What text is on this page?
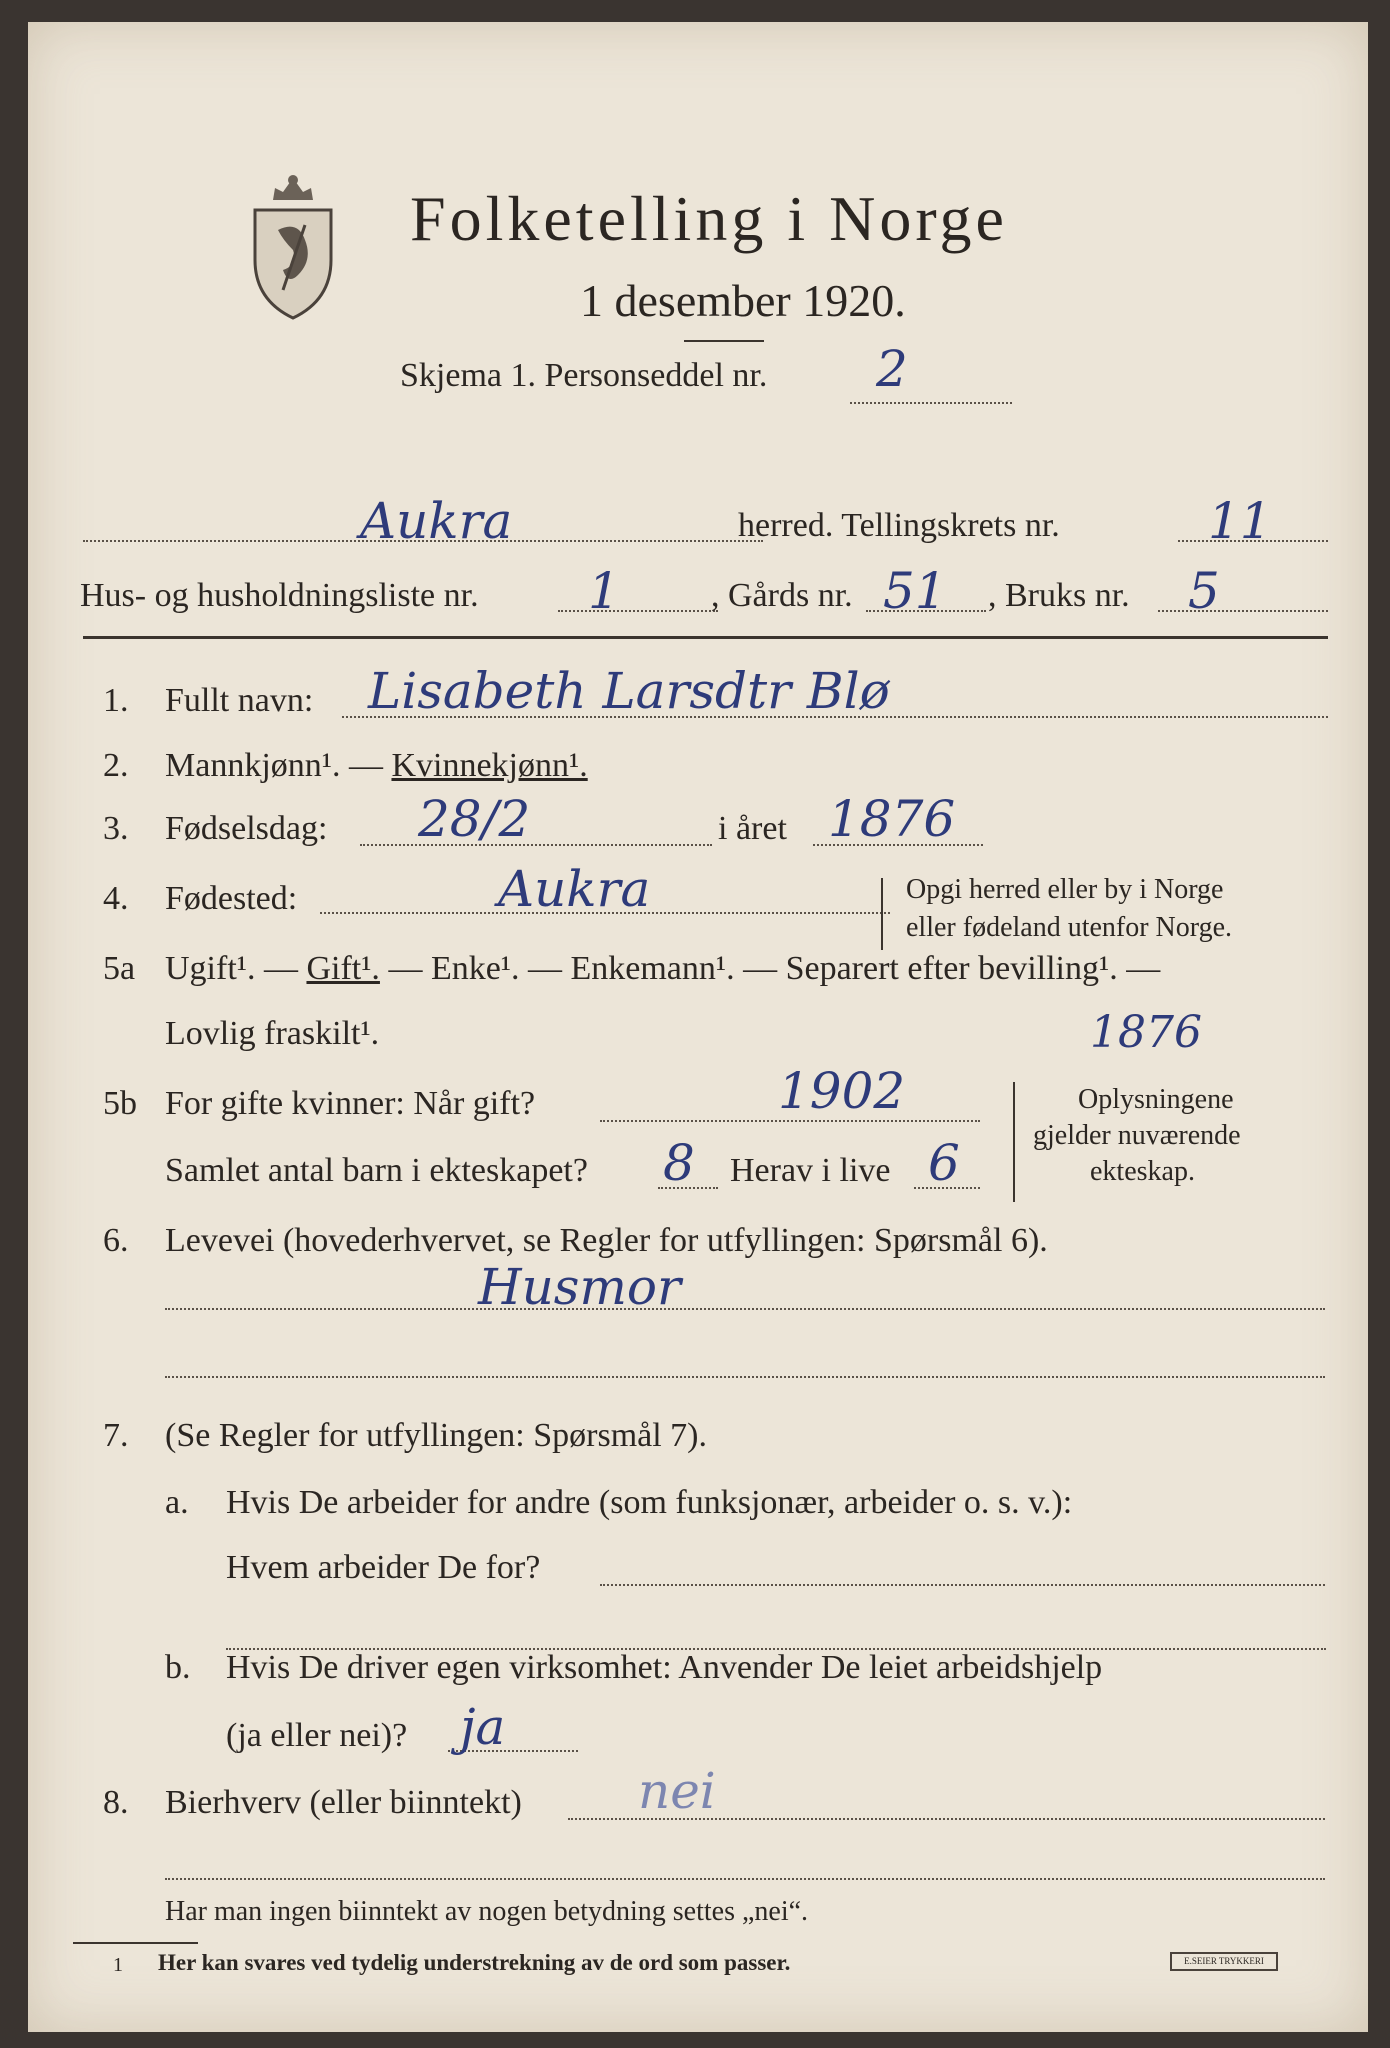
Folketelling i Norge
1 desember 1920.
Skjema 1. Personseddel nr. 2
Aukra	herred. Tellingskrets nr.	11
Hus- og husholdningsliste nr. 1	, Gårds nr. 51 , Bruks nr. 5
1. Fullt navn: Lisabeth Larsdtr Blø
2. Mannkjønn¹. — Kvinnekjønn¹.
3. Fødselsdag: 28/2	i året 1876
4. Fødested:	Aukra	Opgi herred eller by i Norge
eller fødeland utenfor Norge.
5a Ugift¹. — Gift¹. — Enke¹. — Enkemann¹. — Separert efter bevilling¹. —
Lovlig fraskilt¹.	1876
5b For gifte kvinner: Når gift?	1902
Samlet antal barn i ekteskapet? 8 Herav i live 6
Oplysningene
gjelder nuværende
ekteskap.
6. Levevei (hovederhvervet, se Regler for utfyllingen: Spørsmål 6).
Husmor
7. (Se Regler for utfyllingen: Spørsmål 7).
a. Hvis De arbeider for andre (som funksjonær, arbeider o. s. v.):
Hvem arbeider De for?
b. Hvis De driver egen virksomhet: Anvender De leiet arbeidshjelp
(ja eller nei)? ja
8. Bierhverv (eller biinntekt) nei
Har man ingen biinntekt av nogen betydning settes „nei“.
1 Her kan svares ved tydelig understrekning av de ord som passer.	E.SEIER TRYKKERI
